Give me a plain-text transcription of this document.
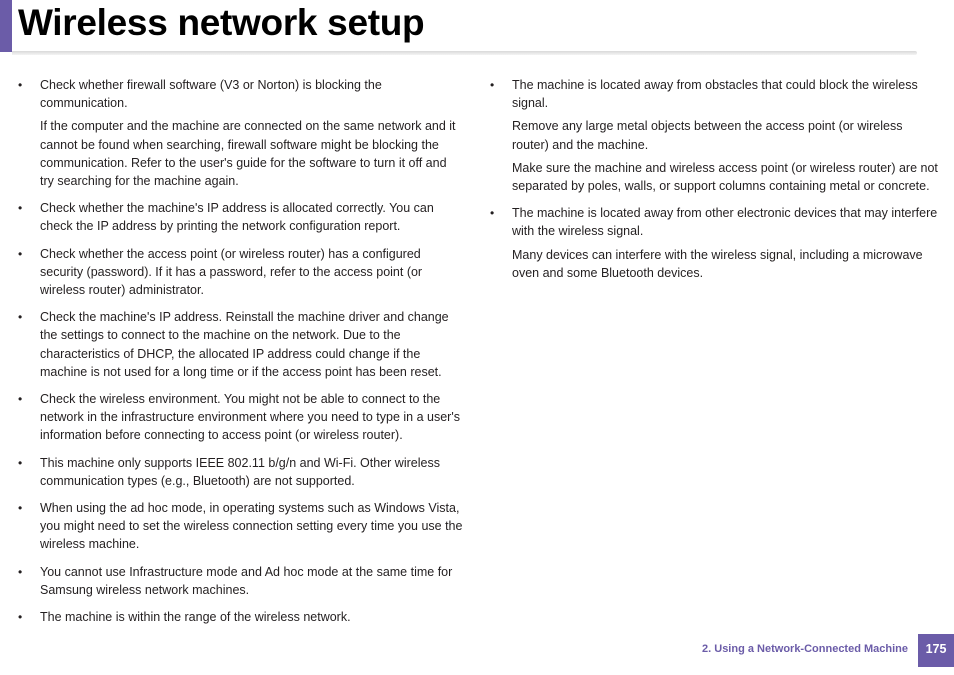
Wireless network setup
• Check whether firewall software (V3 or Norton) is blocking the communication.

If the computer and the machine are connected on the same network and it cannot be found when searching, firewall software might be blocking the communication. Refer to the user's guide for the software to turn it off and try searching for the machine again.

• Check whether the machine's IP address is allocated correctly. You can check the IP address by printing the network configuration report.

• Check whether the access point (or wireless router) has a configured security (password). If it has a password, refer to the access point (or wireless router) administrator.

• Check the machine's IP address. Reinstall the machine driver and change the settings to connect to the machine on the network. Due to the characteristics of DHCP, the allocated IP address could change if the machine is not used for a long time or if the access point has been reset.

• Check the wireless environment. You might not be able to connect to the network in the infrastructure environment where you need to type in a user's information before connecting to access point (or wireless router).

• This machine only supports IEEE 802.11 b/g/n and Wi-Fi. Other wireless communication types (e.g., Bluetooth) are not supported.

• When using the ad hoc mode, in operating systems such as Windows Vista, you might need to set the wireless connection setting every time you use the wireless machine.

• You cannot use Infrastructure mode and Ad hoc mode at the same time for Samsung wireless network machines.

• The machine is within the range of the wireless network.

• The machine is located away from obstacles that could block the wireless signal.

Remove any large metal objects between the access point (or wireless router) and the machine.

Make sure the machine and wireless access point (or wireless router) are not separated by poles, walls, or support columns containing metal or concrete.

• The machine is located away from other electronic devices that may interfere with the wireless signal.

Many devices can interfere with the wireless signal, including a microwave oven and some Bluetooth devices.

2. Using a Network-Connected Machine	175
